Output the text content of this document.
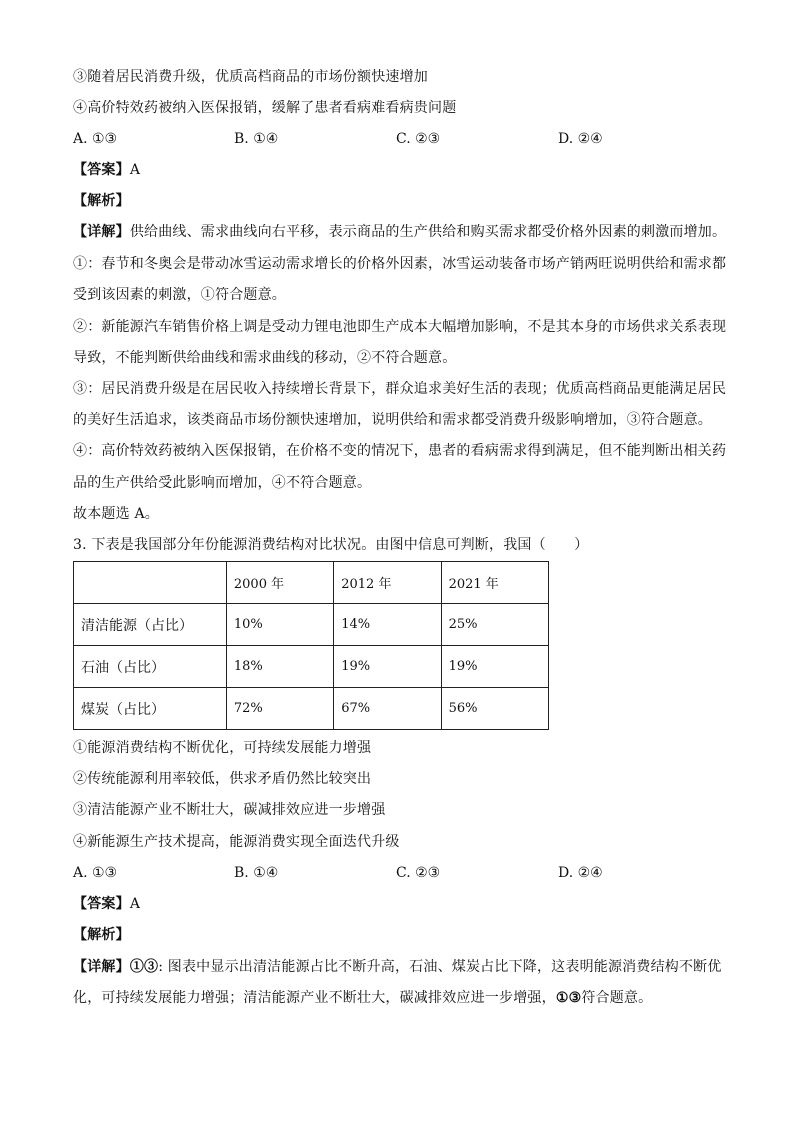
③随着居民消费升级，优质高档商品的市场份额快速增加
④高价特效药被纳入医保报销，缓解了患者看病难看病贵问题
A. ①③	B. ①④	C. ②③	D. ②④
【答案】A
【解析】
【详解】供给曲线、需求曲线向右平移，表示商品的生产供给和购买需求都受价格外因素的刺激而增加。
①：春节和冬奥会是带动冰雪运动需求增长的价格外因素，冰雪运动装备市场产销两旺说明供给和需求都
受到该因素的刺激，①符合题意。
②：新能源汽车销售价格上调是受动力锂电池即生产成本大幅增加影响，不是其本身的市场供求关系表现
导致，不能判断供给曲线和需求曲线的移动，②不符合题意。
③：居民消费升级是在居民收入持续增长背景下，群众追求美好生活的表现；优质高档商品更能满足居民
的美好生活追求，该类商品市场份额快速增加，说明供给和需求都受消费升级影响增加，③符合题意。
④：高价特效药被纳入医保报销，在价格不变的情况下，患者的看病需求得到满足，但不能判断出相关药
品的生产供给受此影响而增加，④不符合题意。
故本题选 A。
3. 下表是我国部分年份能源消费结构对比状况。由图中信息可判断，我国（　　）
	2000 年	2012 年	2021 年
清洁能源（占比）	10%	14%	25%
石油（占比）	18%	19%	19%
煤炭（占比）	72%	67%	56%
①能源消费结构不断优化，可持续发展能力增强
②传统能源利用率较低，供求矛盾仍然比较突出
③清洁能源产业不断壮大，碳减排效应进一步增强
④新能源生产技术提高，能源消费实现全面迭代升级
A. ①③	B. ①④	C. ②③	D. ②④
【答案】A
【解析】
【详解】①③: 图表中显示出清洁能源占比不断升高，石油、煤炭占比下降，这表明能源消费结构不断优
化，可持续发展能力增强；清洁能源产业不断壮大，碳减排效应进一步增强，①③符合题意。
